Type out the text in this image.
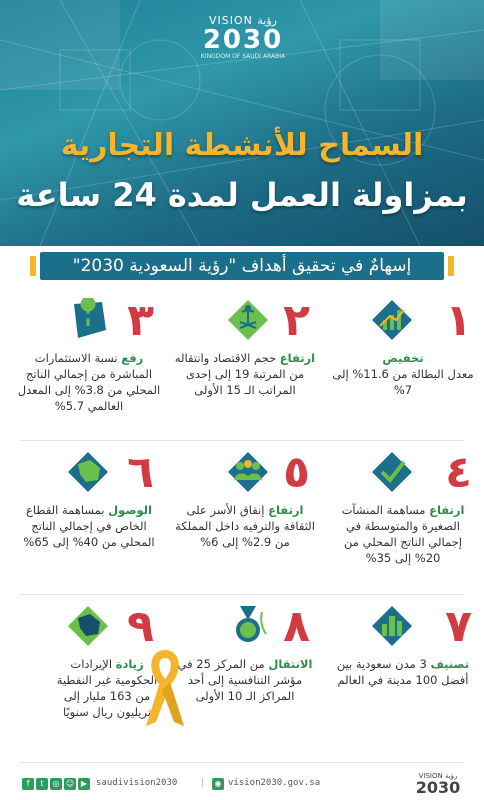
VISION رؤية
2030
KINGDOM OF SAUDI ARABIA
السماح للأنشطة التجارية
بمزاولة العمل لمدة 24 ساعة
إسهامٌ في تحقيق أهداف "رؤية السعودية 2030"
١
تخفيض
معدل البطالة من 11.6% إلى 7%
٢
ارتفاع حجم الاقتصاد وانتقاله من المرتبة 19 إلى إحدى المراتب الـ 15 الأولى
٣
رفع نسبة الاستثمارات المباشرة من إجمالي الناتج المحلي من 3.8% إلى المعدل العالمي 5.7%
٤
ارتفاع مساهمة المنشآت الصغيرة والمتوسطة في إجمالي الناتج المحلي من 20% إلى 35%
٥
ارتفاع إنفاق الأسر على الثقافة والترفيه داخل المملكة من 2.9% إلى 6%
٦
الوصول بمساهمة القطاع الخاص في إجمالي الناتج المحلي من 40% إلى 65%
٧
تصنيف 3 مدن سعودية بين أفضل 100 مدينة في العالم
٨
الانتقال من المركز 25 في مؤشر التنافسية إلى أحد المراكز الـ 10 الأولى
٩
زيادة الإيرادات الحكومية غير النفطية من 163 مليار إلى تريليون ريال سنويًا
f	t	◎ ☺ ▶ saudivision2030	|	◉ vision2030.gov.sa
VISION رؤية
2030
